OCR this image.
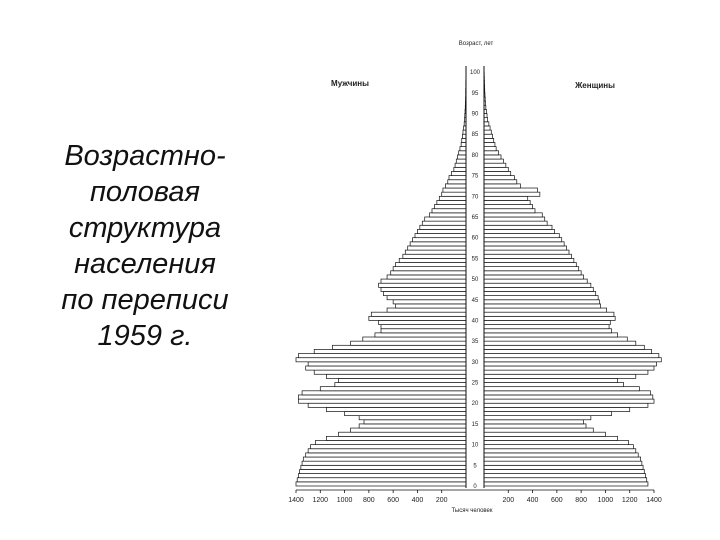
Возрастно-
половая
структура
населения
по переписи
1959 г.
Возраст, лет
Мужчины	Женщины
Тысяч человек
0
5
10
15
20
25
30
35
40
45
50
55
60
65
70
75
80
85
90
95
100
1400 1200 1000 800 600 400 200	200 400 600 800 1000 1200 1400
